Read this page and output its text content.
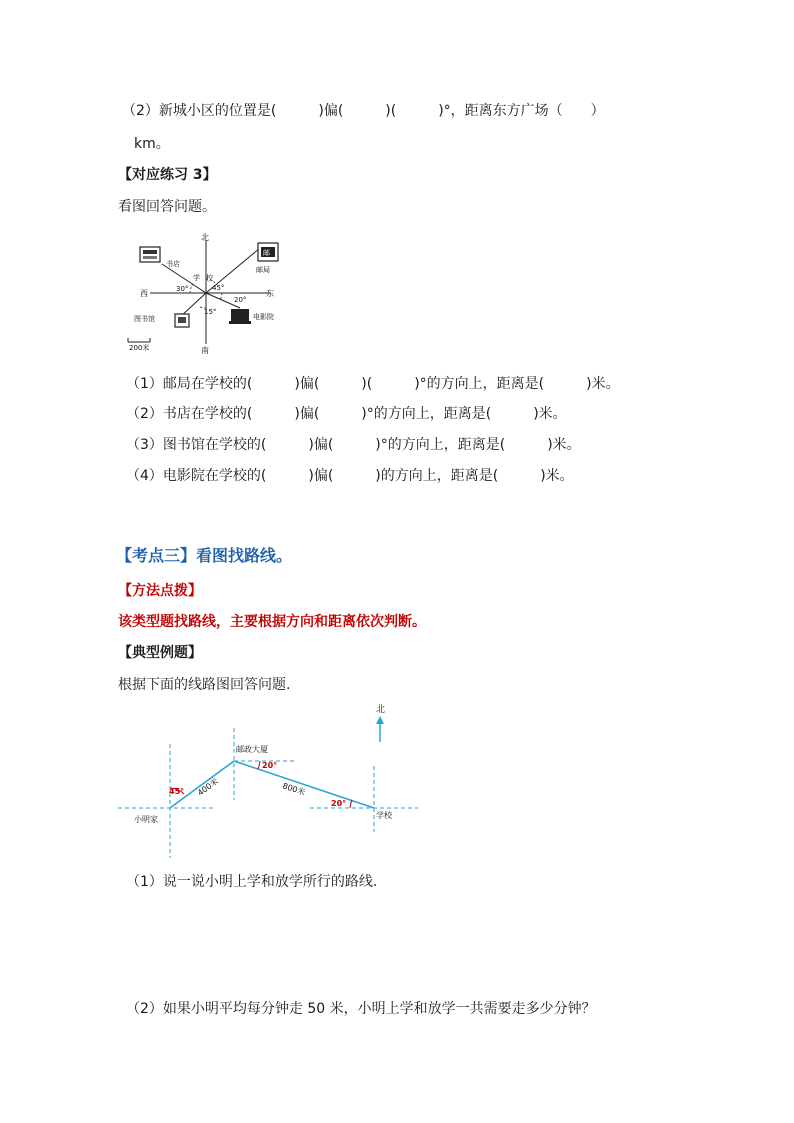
（2）新城小区的位置是(　　　)偏(　　　)(　　　)°，距离东方广场（　　）
km。
【对应练习 3】
看图回答问题。
北
南
东
西
学 校
书店
邮
邮局
图书馆	电影院
30°	45°
20°
15°
200米
（1）邮局在学校的(　　　)偏(　　　)(　　　)°的方向上，距离是(　　　)米。
（2）书店在学校的(　　　)偏(　　　)°的方向上，距离是(　　　)米。
（3）图书馆在学校的(　　　)偏(　　　)°的方向上，距离是(　　　)米。
（4）电影院在学校的(　　　)偏(　　　)的方向上，距离是(　　　)米。
【考点三】看图找路线。
【方法点拨】
该类型题找路线，主要根据方向和距离依次判断。
【典型例题】
根据下面的线路图回答问题.
北
45°
20°
20°
400米	800米
小明家
邮政大厦
学校
（1）说一说小明上学和放学所行的路线.
（2）如果小明平均每分钟走 50 米，小明上学和放学一共需要走多少分钟？
